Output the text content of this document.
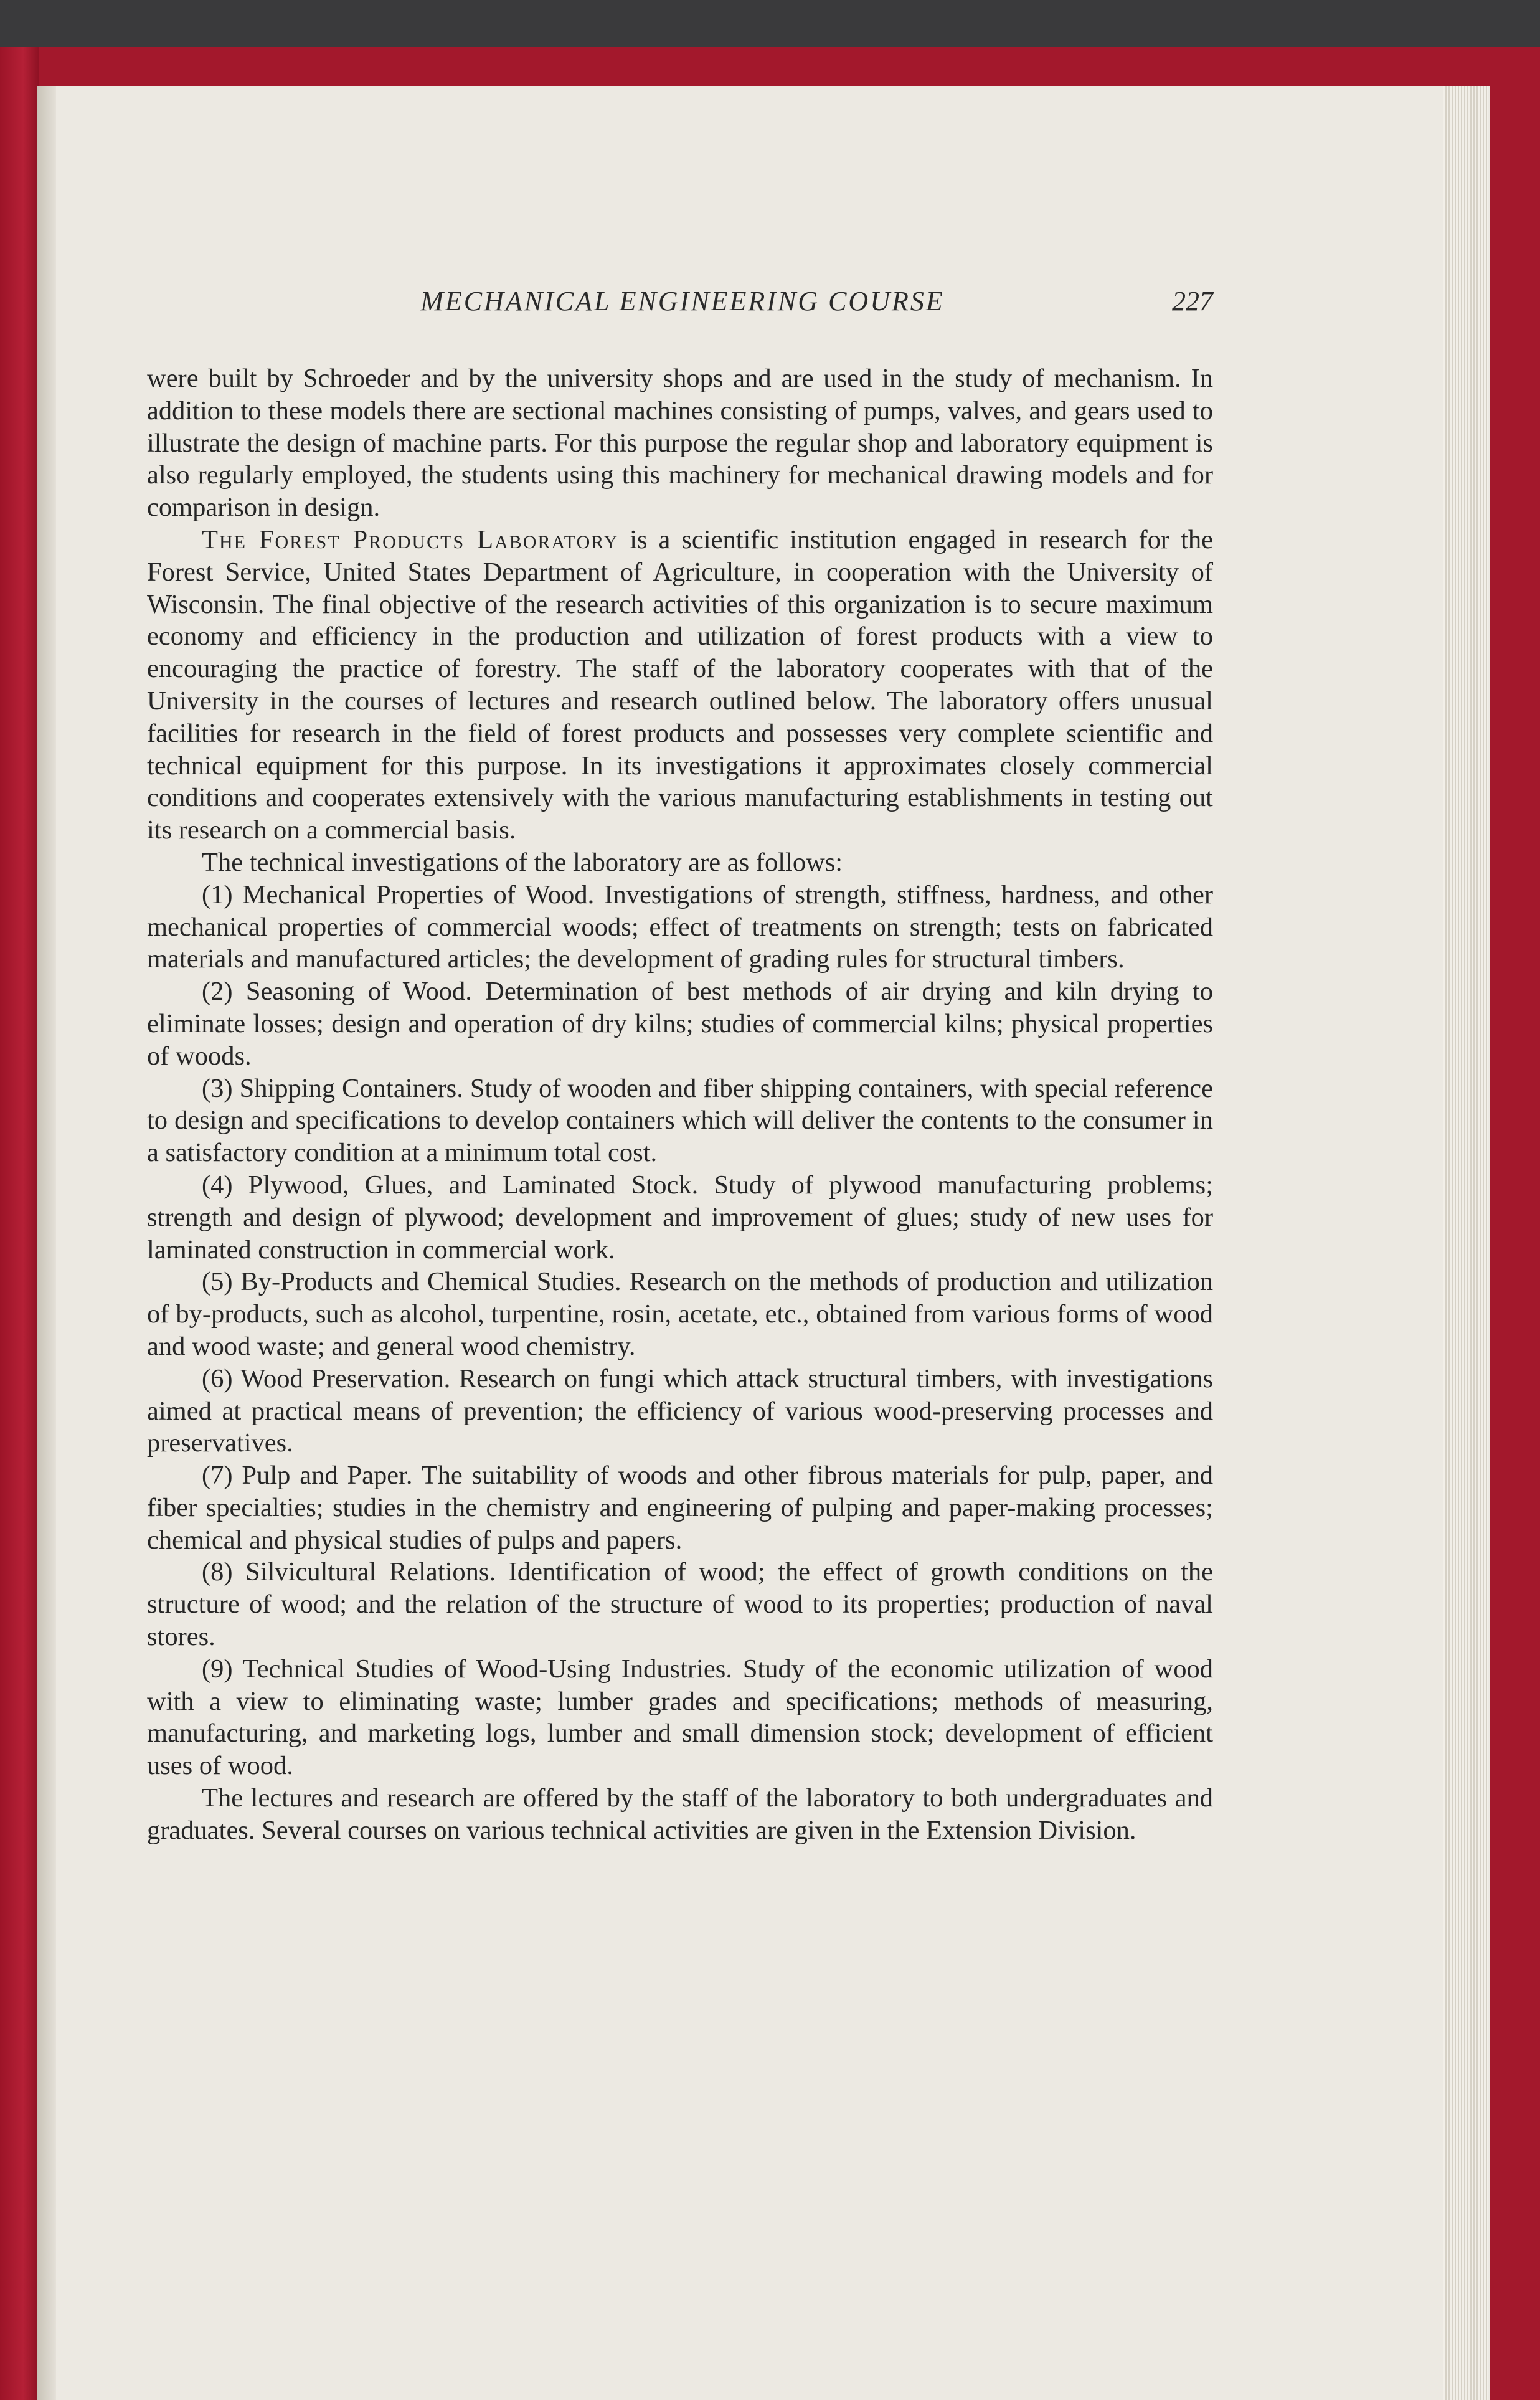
MECHANICAL ENGINEERING COURSE	227

were built by Schroeder and by the university shops and are used in the study of mechanism. In addition to these models there are sectional machines consisting of pumps, valves, and gears used to illustrate the design of machine parts. For this purpose the regular shop and laboratory equipment is also regularly employed, the students using this machinery for mechanical drawing models and for comparison in design.

The Forest Products Laboratory is a scientific institution engaged in research for the Forest Service, United States Department of Agriculture, in cooperation with the University of Wisconsin. The final objective of the research activities of this organization is to secure maximum economy and efficiency in the production and utilization of forest products with a view to encouraging the practice of forestry. The staff of the laboratory cooperates with that of the University in the courses of lectures and research outlined below. The laboratory offers unusual facilities for research in the field of forest products and possesses very complete scientific and technical equipment for this purpose. In its investigations it approximates closely commercial conditions and cooperates extensively with the various manufacturing establishments in testing out its research on a commercial basis.

The technical investigations of the laboratory are as follows:

(1) Mechanical Properties of Wood. Investigations of strength, stiffness, hardness, and other mechanical properties of commercial woods; effect of treatments on strength; tests on fabricated materials and manufactured articles; the development of grading rules for structural timbers.

(2) Seasoning of Wood. Determination of best methods of air drying and kiln drying to eliminate losses; design and operation of dry kilns; studies of commercial kilns; physical properties of woods.

(3) Shipping Containers. Study of wooden and fiber shipping containers, with special reference to design and specifications to develop containers which will deliver the contents to the consumer in a satisfactory condition at a minimum total cost.

(4) Plywood, Glues, and Laminated Stock. Study of plywood manufacturing problems; strength and design of plywood; development and improvement of glues; study of new uses for laminated construction in commercial work.

(5) By-Products and Chemical Studies. Research on the methods of production and utilization of by-products, such as alcohol, turpentine, rosin, acetate, etc., obtained from various forms of wood and wood waste; and general wood chemistry.

(6) Wood Preservation. Research on fungi which attack structural timbers, with investigations aimed at practical means of prevention; the efficiency of various wood-preserving processes and preservatives.

(7) Pulp and Paper. The suitability of woods and other fibrous materials for pulp, paper, and fiber specialties; studies in the chemistry and engineering of pulping and paper-making processes; chemical and physical studies of pulps and papers.

(8) Silvicultural Relations. Identification of wood; the effect of growth conditions on the structure of wood; and the relation of the structure of wood to its properties; production of naval stores.

(9) Technical Studies of Wood-Using Industries. Study of the economic utilization of wood with a view to eliminating waste; lumber grades and specifications; methods of measuring, manufacturing, and marketing logs, lumber and small dimension stock; development of efficient uses of wood.

The lectures and research are offered by the staff of the laboratory to both undergraduates and graduates. Several courses on various technical activities are given in the Extension Division.
